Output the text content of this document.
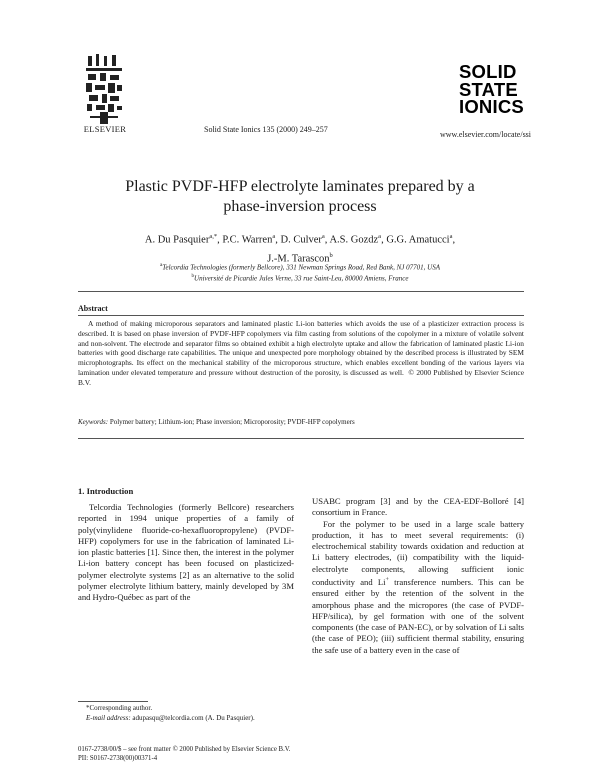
ELSEVIER	Solid State Ionics 135 (2000) 249–257
SOLID
STATE
IONICS
www.elsevier.com/locate/ssi
Plastic PVDF-HFP electrolyte laminates prepared by a
phase-inversion process
A. Du Pasquier$^{a,*}$, P.C. Warren$^a$, D. Culver$^a$, A.S. Gozdz$^a$, G.G. Amatucci$^a$,
J.-M. Tarascon$^b$
$^a$Telcordia Technologies (formerly Bellcore), 331 Newman Springs Road, Red Bank, NJ 07701, USA
$^b$Université de Picardie Jules Verne, 33 rue Saint-Leu, 80000 Amiens, France
Abstract

A method of making microporous separators and laminated plastic Li-ion batteries which avoids the use of a plasticizer extraction process is described. It is based on phase inversion of PVDF-HFP copolymers via film casting from solutions of the copolymer in a mixture of volatile solvent and non-solvent. The electrode and separator films so obtained exhibit a high electrolyte uptake and allow the fabrication of laminated plastic Li-ion batteries with good discharge rate capabilities. The unique and unexpected pore morphology obtained by the described process is illustrated by SEM microphotographs. Its effect on the mechanical stability of the microporous structure, which enables excellent bonding of the various layers via lamination under elevated temperature and pressure without destruction of the porosity, is discussed as well. © 2000 Published by Elsevier Science B.V.

Keywords: Polymer battery; Lithium-ion; Phase inversion; Microporosity; PVDF-HFP copolymers
1. Introduction

Telcordia Technologies (formerly Bellcore) researchers reported in 1994 unique properties of a family of poly(vinylidene fluoride-co-hexafluoropropylene) (PVDF-HFP) copolymers for use in the fabrication of laminated Li-ion plastic batteries [1]. Since then, the interest in the polymer Li-ion battery concept has been focused on plasticized-polymer electrolyte systems [2] as an alternative to the solid polymer electrolyte lithium battery, mainly developed by 3M and Hydro-Québec as part of the

USABC program [3] and by the CEA-EDF-Bolloré [4] consortium in France.

For the polymer to be used in a large scale battery production, it has to meet several requirements: (i) electrochemical stability towards oxidation and reduction at Li battery electrodes, (ii) compatibility with the liquid-electrolyte components, allowing sufficient ionic conductivity and Li+ transference numbers. This can be ensured either by the retention of the solvent in the amorphous phase and the micropores (the case of PVDF-HFP/silica), by gel formation with one of the solvent components (the case of PAN-EC), or by solvation of Li salts (the case of PEO); (iii) sufficient thermal stability, ensuring the safe use of a battery even in the case of

*Corresponding author.
E-mail address: adupasqu@telcordia.com (A. Du Pasquier).
0167-2738/00/$ – see front matter © 2000 Published by Elsevier Science B.V.
PII: S0167-2738(00)00371-4
